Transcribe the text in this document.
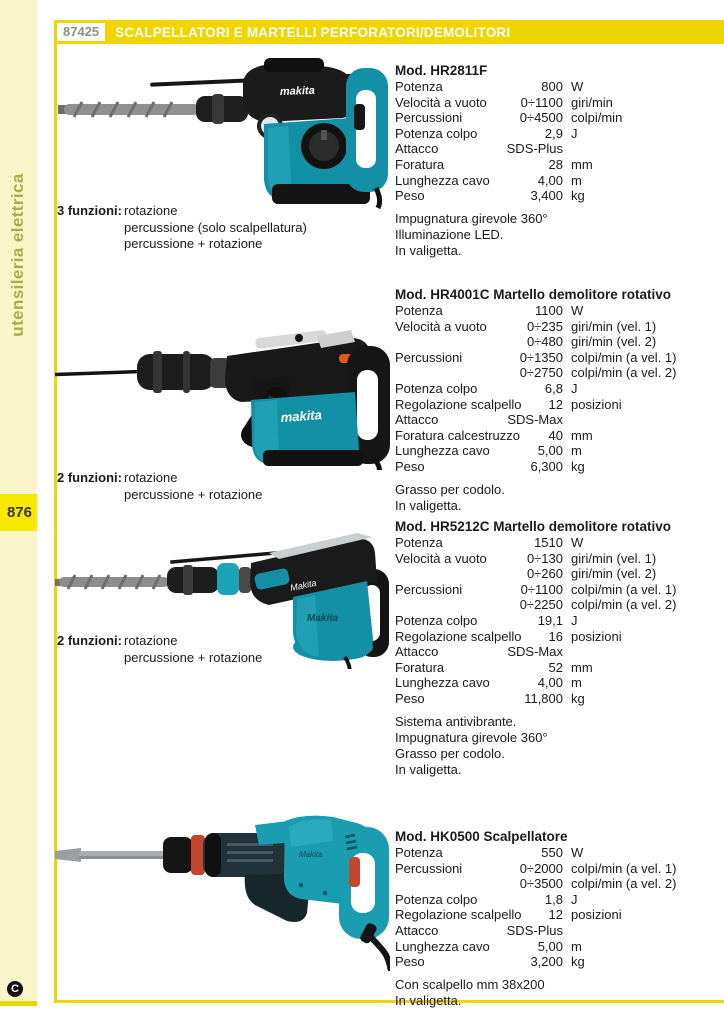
utensileria elettrica
876
C
87425	SCALPELLATORI E MARTELLI PERFORATORI/DEMOLITORI
makita
3 funzioni: rotazione
percussione (solo scalpellatura)
percussione + rotazione
Mod. HR2811F
Potenza	800 W
Velocità a vuoto	0÷1100 giri/min
Percussioni	0÷4500 colpi/min
Potenza colpo	2,9 J
Attacco	SDS-Plus
Foratura	28 mm
Lunghezza cavo	4,00 m
Peso	3,400 kg
Impugnatura girevole 360°
Illuminazione LED.
In valigetta.
makita
2 funzioni: rotazione
percussione + rotazione
Mod. HR4001C Martello demolitore rotativo
Potenza	1100 W
Velocità a vuoto	0÷235 giri/min (vel. 1)
0÷480 giri/min (vel. 2)
Percussioni	0÷1350 colpi/min (a vel. 1)
0÷2750 colpi/min (a vel. 2)
Potenza colpo	6,8 J
Regolazione scalpello	12 posizioni
Attacco	SDS-Max
Foratura calcestruzzo	40 mm
Lunghezza cavo	5,00 m
Peso	6,300 kg
Grasso per codolo.
In valigetta.
Makita
Makita
2 funzioni: rotazione
percussione + rotazione
Mod. HR5212C Martello demolitore rotativo
Potenza	1510 W
Velocità a vuoto	0÷130 giri/min (vel. 1)
0÷260 giri/min (vel. 2)
Percussioni	0÷1100 colpi/min (a vel. 1)
0÷2250 colpi/min (a vel. 2)
Potenza colpo	19,1 J
Regolazione scalpello	16 posizioni
Attacco	SDS-Max
Foratura	52 mm
Lunghezza cavo	4,00 m
Peso	11,800 kg
Sistema antivibrante.
Impugnatura girevole 360°
Grasso per codolo.
In valigetta.
Makita
Mod. HK0500 Scalpellatore
Potenza	550 W
Percussioni	0÷2000 colpi/min (a vel. 1)
0÷3500 colpi/min (a vel. 2)
Potenza colpo	1,8 J
Regolazione scalpello	12 posizioni
Attacco	SDS-Plus
Lunghezza cavo	5,00 m
Peso	3,200 kg
Con scalpello mm 38x200
In valigetta.
